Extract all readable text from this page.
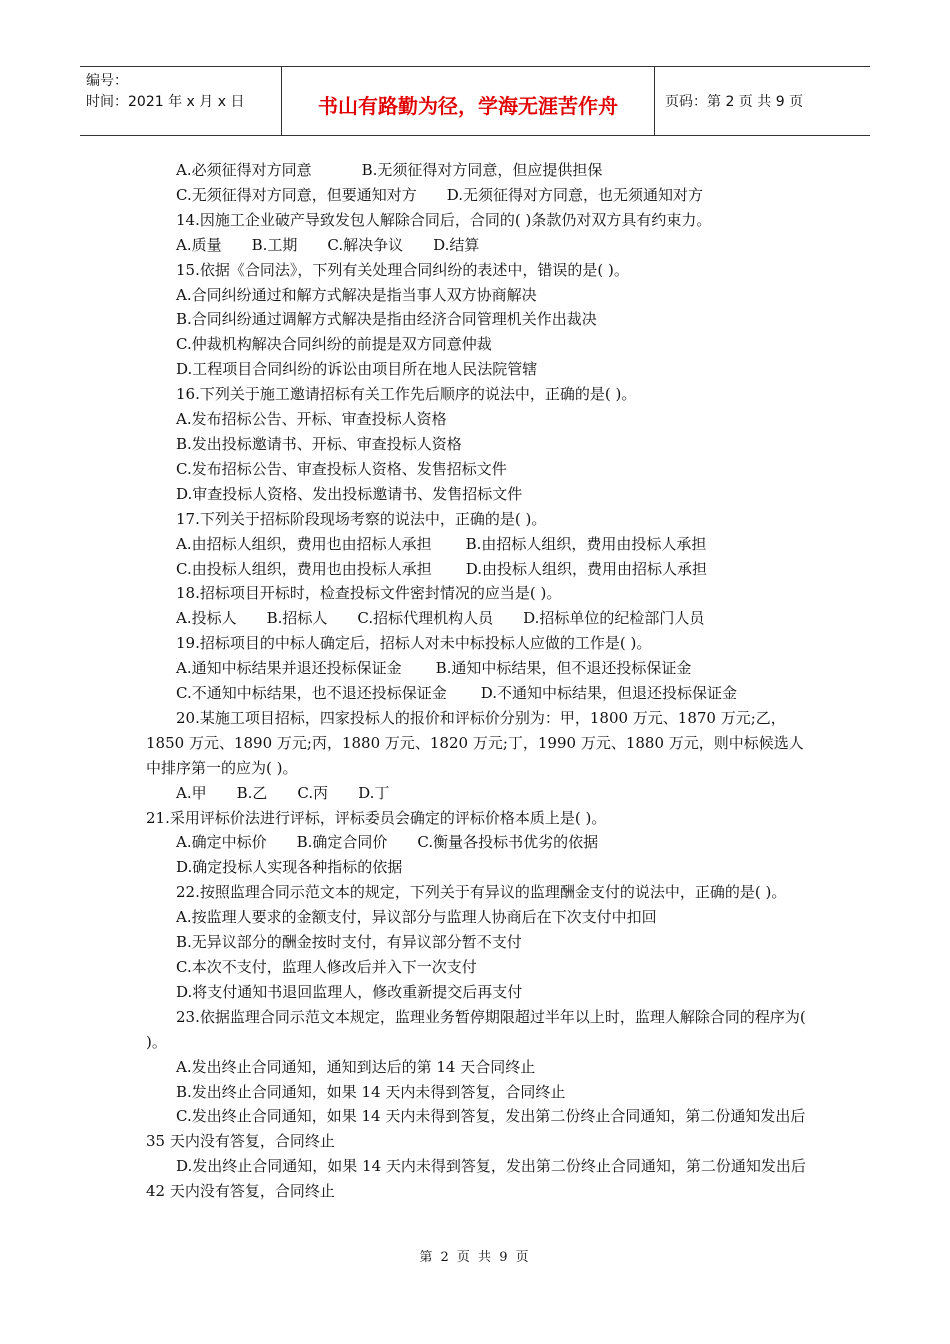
编号：
时间：2021 年 x 月 x 日	书山有路勤为径，学海无涯苦作舟	页码：第 2 页 共 9 页
A.必须征得对方同意	B.无须征得对方同意，但应提供担保
C.无须征得对方同意，但要通知对方 D.无须征得对方同意，也无须通知对方
14.因施工企业破产导致发包人解除合同后，合同的( )条款仍对双方具有约束力。
A.质量 B.工期 C.解决争议 D.结算
15.依据《合同法》，下列有关处理合同纠纷的表述中，错误的是( )。
A.合同纠纷通过和解方式解决是指当事人双方协商解决
B.合同纠纷通过调解方式解决是指由经济合同管理机关作出裁决
C.仲裁机构解决合同纠纷的前提是双方同意仲裁
D.工程项目合同纠纷的诉讼由项目所在地人民法院管辖
16.下列关于施工邀请招标有关工作先后顺序的说法中，正确的是( )。
A.发布招标公告、开标、审查投标人资格
B.发出投标邀请书、开标、审查投标人资格
C.发布招标公告、审查投标人资格、发售招标文件
D.审查投标人资格、发出投标邀请书、发售招标文件
17.下列关于招标阶段现场考察的说法中，正确的是( )。
A.由招标人组织，费用也由招标人承担 B.由招标人组织，费用由投标人承担
C.由投标人组织，费用也由投标人承担 D.由投标人组织，费用由招标人承担
18.招标项目开标时，检查投标文件密封情况的应当是( )。
A.投标人 B.招标人 C.招标代理机构人员 D.招标单位的纪检部门人员
19.招标项目的中标人确定后，招标人对未中标投标人应做的工作是( )。
A.通知中标结果并退还投标保证金 B.通知中标结果，但不退还投标保证金
C.不通知中标结果，也不退还投标保证金 D.不通知中标结果，但退还投标保证金
20.某施工项目招标，四家投标人的报价和评标价分别为：甲，1800 万元、1870 万元;乙，1850 万元、1890 万元;丙，1880 万元、1820 万元;丁，1990 万元、1880 万元，则中标候选人中排序第一的应为( )。
A.甲 B.乙 C.丙 D.丁
21.采用评标价法进行评标，评标委员会确定的评标价格本质上是( )。
A.确定中标价 B.确定合同价 C.衡量各投标书优劣的依据
D.确定投标人实现各种指标的依据
22.按照监理合同示范文本的规定，下列关于有异议的监理酬金支付的说法中，正确的是( )。
A.按监理人要求的金额支付，异议部分与监理人协商后在下次支付中扣回
B.无异议部分的酬金按时支付，有异议部分暂不支付
C.本次不支付，监理人修改后并入下一次支付
D.将支付通知书退回监理人，修改重新提交后再支付
23.依据监理合同示范文本规定，监理业务暂停期限超过半年以上时，监理人解除合同的程序为( )。
A.发出终止合同通知，通知到达后的第 14 天合同终止
B.发出终止合同通知，如果 14 天内未得到答复，合同终止
C.发出终止合同通知，如果 14 天内未得到答复，发出第二份终止合同通知，第二份通知发出后 35 天内没有答复，合同终止
D.发出终止合同通知，如果 14 天内未得到答复，发出第二份终止合同通知，第二份通知发出后 42 天内没有答复，合同终止
第 2 页 共 9 页
